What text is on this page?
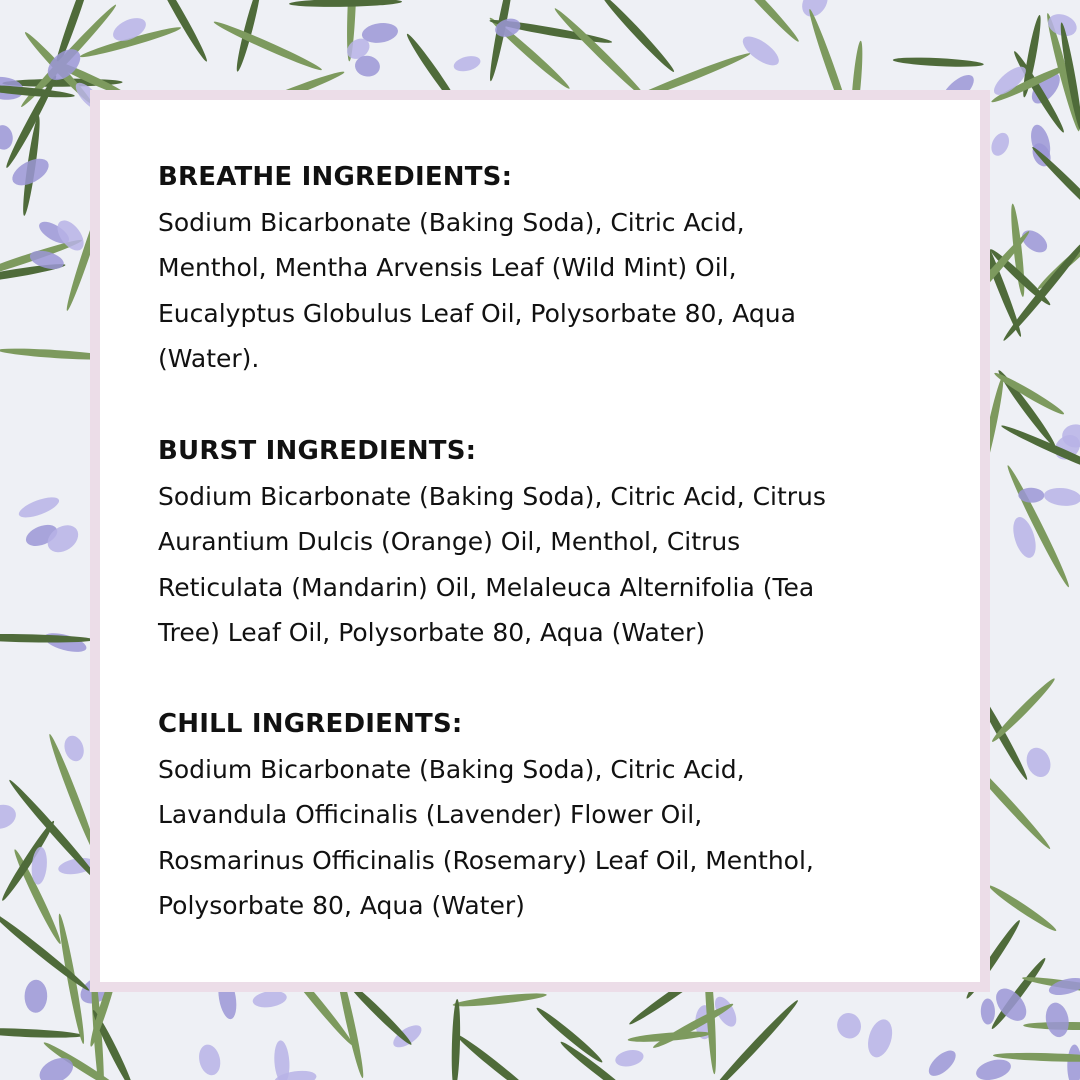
BREATHE INGREDIENTS:
Sodium Bicarbonate (Baking Soda), Citric Acid,
Menthol, Mentha Arvensis Leaf (Wild Mint) Oil,
Eucalyptus Globulus Leaf Oil, Polysorbate 80, Aqua
(Water).
BURST INGREDIENTS:
Sodium Bicarbonate (Baking Soda), Citric Acid, Citrus
Aurantium Dulcis (Orange) Oil, Menthol, Citrus
Reticulata (Mandarin) Oil, Melaleuca Alternifolia (Tea
Tree) Leaf Oil, Polysorbate 80, Aqua (Water)
CHILL INGREDIENTS:
Sodium Bicarbonate (Baking Soda), Citric Acid,
Lavandula Officinalis (Lavender) Flower Oil,
Rosmarinus Officinalis (Rosemary) Leaf Oil, Menthol,
Polysorbate 80, Aqua (Water)
